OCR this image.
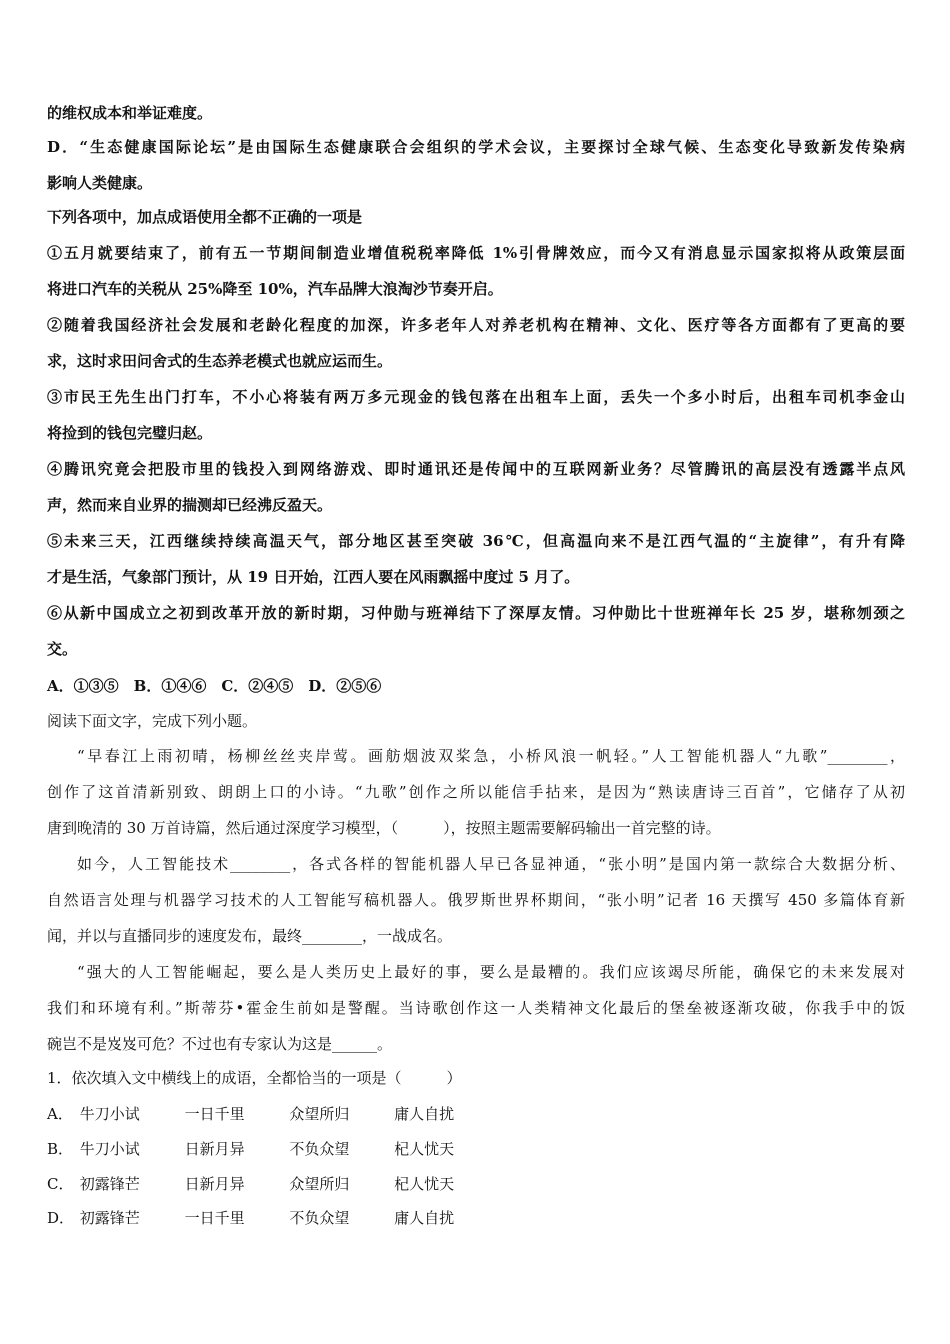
的维权成本和举证难度。
D．“生态健康国际论坛”是由国际生态健康联合会组织的学术会议，主要探讨全球气候、生态变化导致新发传染病
影响人类健康。
下列各项中，加点成语使用全都不正确的一项是
①五月就要结束了，前有五一节期间制造业增值税税率降低 1%引骨牌效应，而今又有消息显示国家拟将从政策层面
将进口汽车的关税从 25%降至 10%，汽车品牌大浪淘沙节奏开启。
②随着我国经济社会发展和老龄化程度的加深，许多老年人对养老机构在精神、文化、医疗等各方面都有了更高的要
求，这时求田问舍式的生态养老模式也就应运而生。
③市民王先生出门打车，不小心将装有两万多元现金的钱包落在出租车上面，丢失一个多小时后，出租车司机李金山
将捡到的钱包完璧归赵。
④腾讯究竟会把股市里的钱投入到网络游戏、即时通讯还是传闻中的互联网新业务？尽管腾讯的高层没有透露半点风
声，然而来自业界的揣测却已经沸反盈天。
⑤未来三天，江西继续持续高温天气，部分地区甚至突破 36℃，但高温向来不是江西气温的“主旋律”，有升有降
才是生活，气象部门预计，从 19 日开始，江西人要在风雨飘摇中度过 5 月了。
⑥从新中国成立之初到改革开放的新时期，习仲勋与班禅结下了深厚友情。习仲勋比十世班禅年长 25 岁，堪称刎颈之
交。
A．①③⑤　B．①④⑥　C．②④⑤　D．②⑤⑥
阅读下面文字，完成下列小题。
“早春江上雨初晴，杨柳丝丝夹岸莺。画舫烟波双桨急，小桥风浪一帆轻。”人工智能机器人“九歌”________，
创作了这首清新别致、朗朗上口的小诗。“九歌”创作之所以能信手拈来，是因为“熟读唐诗三百首”，它储存了从初
唐到晚清的 30 万首诗篇，然后通过深度学习模型，（　　　），按照主题需要解码输出一首完整的诗。
如今，人工智能技术________，各式各样的智能机器人早已各显神通，“张小明”是国内第一款综合大数据分析、
自然语言处理与机器学习技术的人工智能写稿机器人。俄罗斯世界杯期间，“张小明”记者 16 天撰写 450 多篇体育新
闻，并以与直播同步的速度发布，最终________，一战成名。
“强大的人工智能崛起，要么是人类历史上最好的事，要么是最糟的。我们应该竭尽所能，确保它的未来发展对
我们和环境有利。”斯蒂芬•霍金生前如是警醒。当诗歌创作这一人类精神文化最后的堡垒被逐渐攻破，你我手中的饭
碗岂不是岌岌可危？不过也有专家认为这是______。
1．依次填入文中横线上的成语，全都恰当的一项是（　　　）
A． 牛刀小试	一日千里	众望所归	庸人自扰
B． 牛刀小试	日新月异	不负众望	杞人忧天
C． 初露锋芒	日新月异	众望所归	杞人忧天
D． 初露锋芒	一日千里	不负众望	庸人自扰
